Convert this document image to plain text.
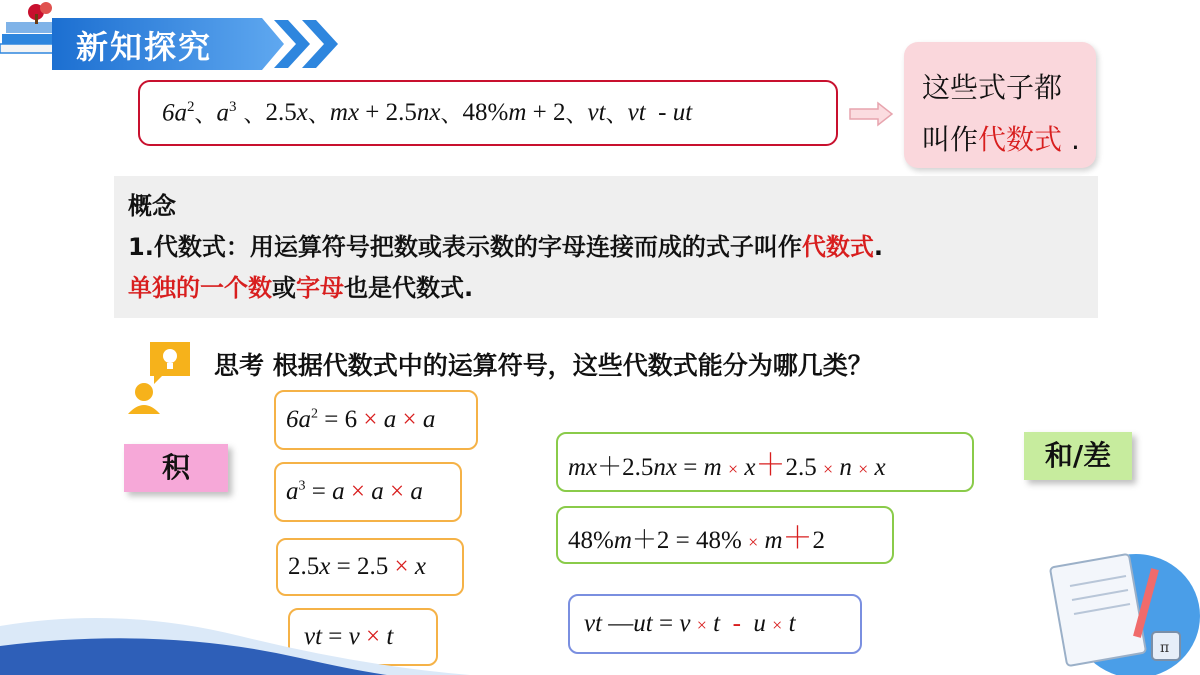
新知探究
$6a^2$ 、 $a^3$ 、 2.5x 、 mx + 2.5nx 、 48%m + 2 、 vt 、 vt  - ut
这些式子都
叫作代数式 .
概念
1.代数式：用运算符号把数或表示数的字母连接而成的式子叫作代数式.
单独的一个数或字母也是代数式.
思考 根据代数式中的运算符号，这些代数式能分为哪几类？
积	和/差
$6a^2 = 6 \times a \times a$
$a^3 = a \times a \times a$
2.5x = 2.5 × x
vt = v × t
mx＋2.5nx = m × x＋2.5 × n × x
48%m＋2 = 48% × m＋2
vt —ut = v × t - u × t
π
